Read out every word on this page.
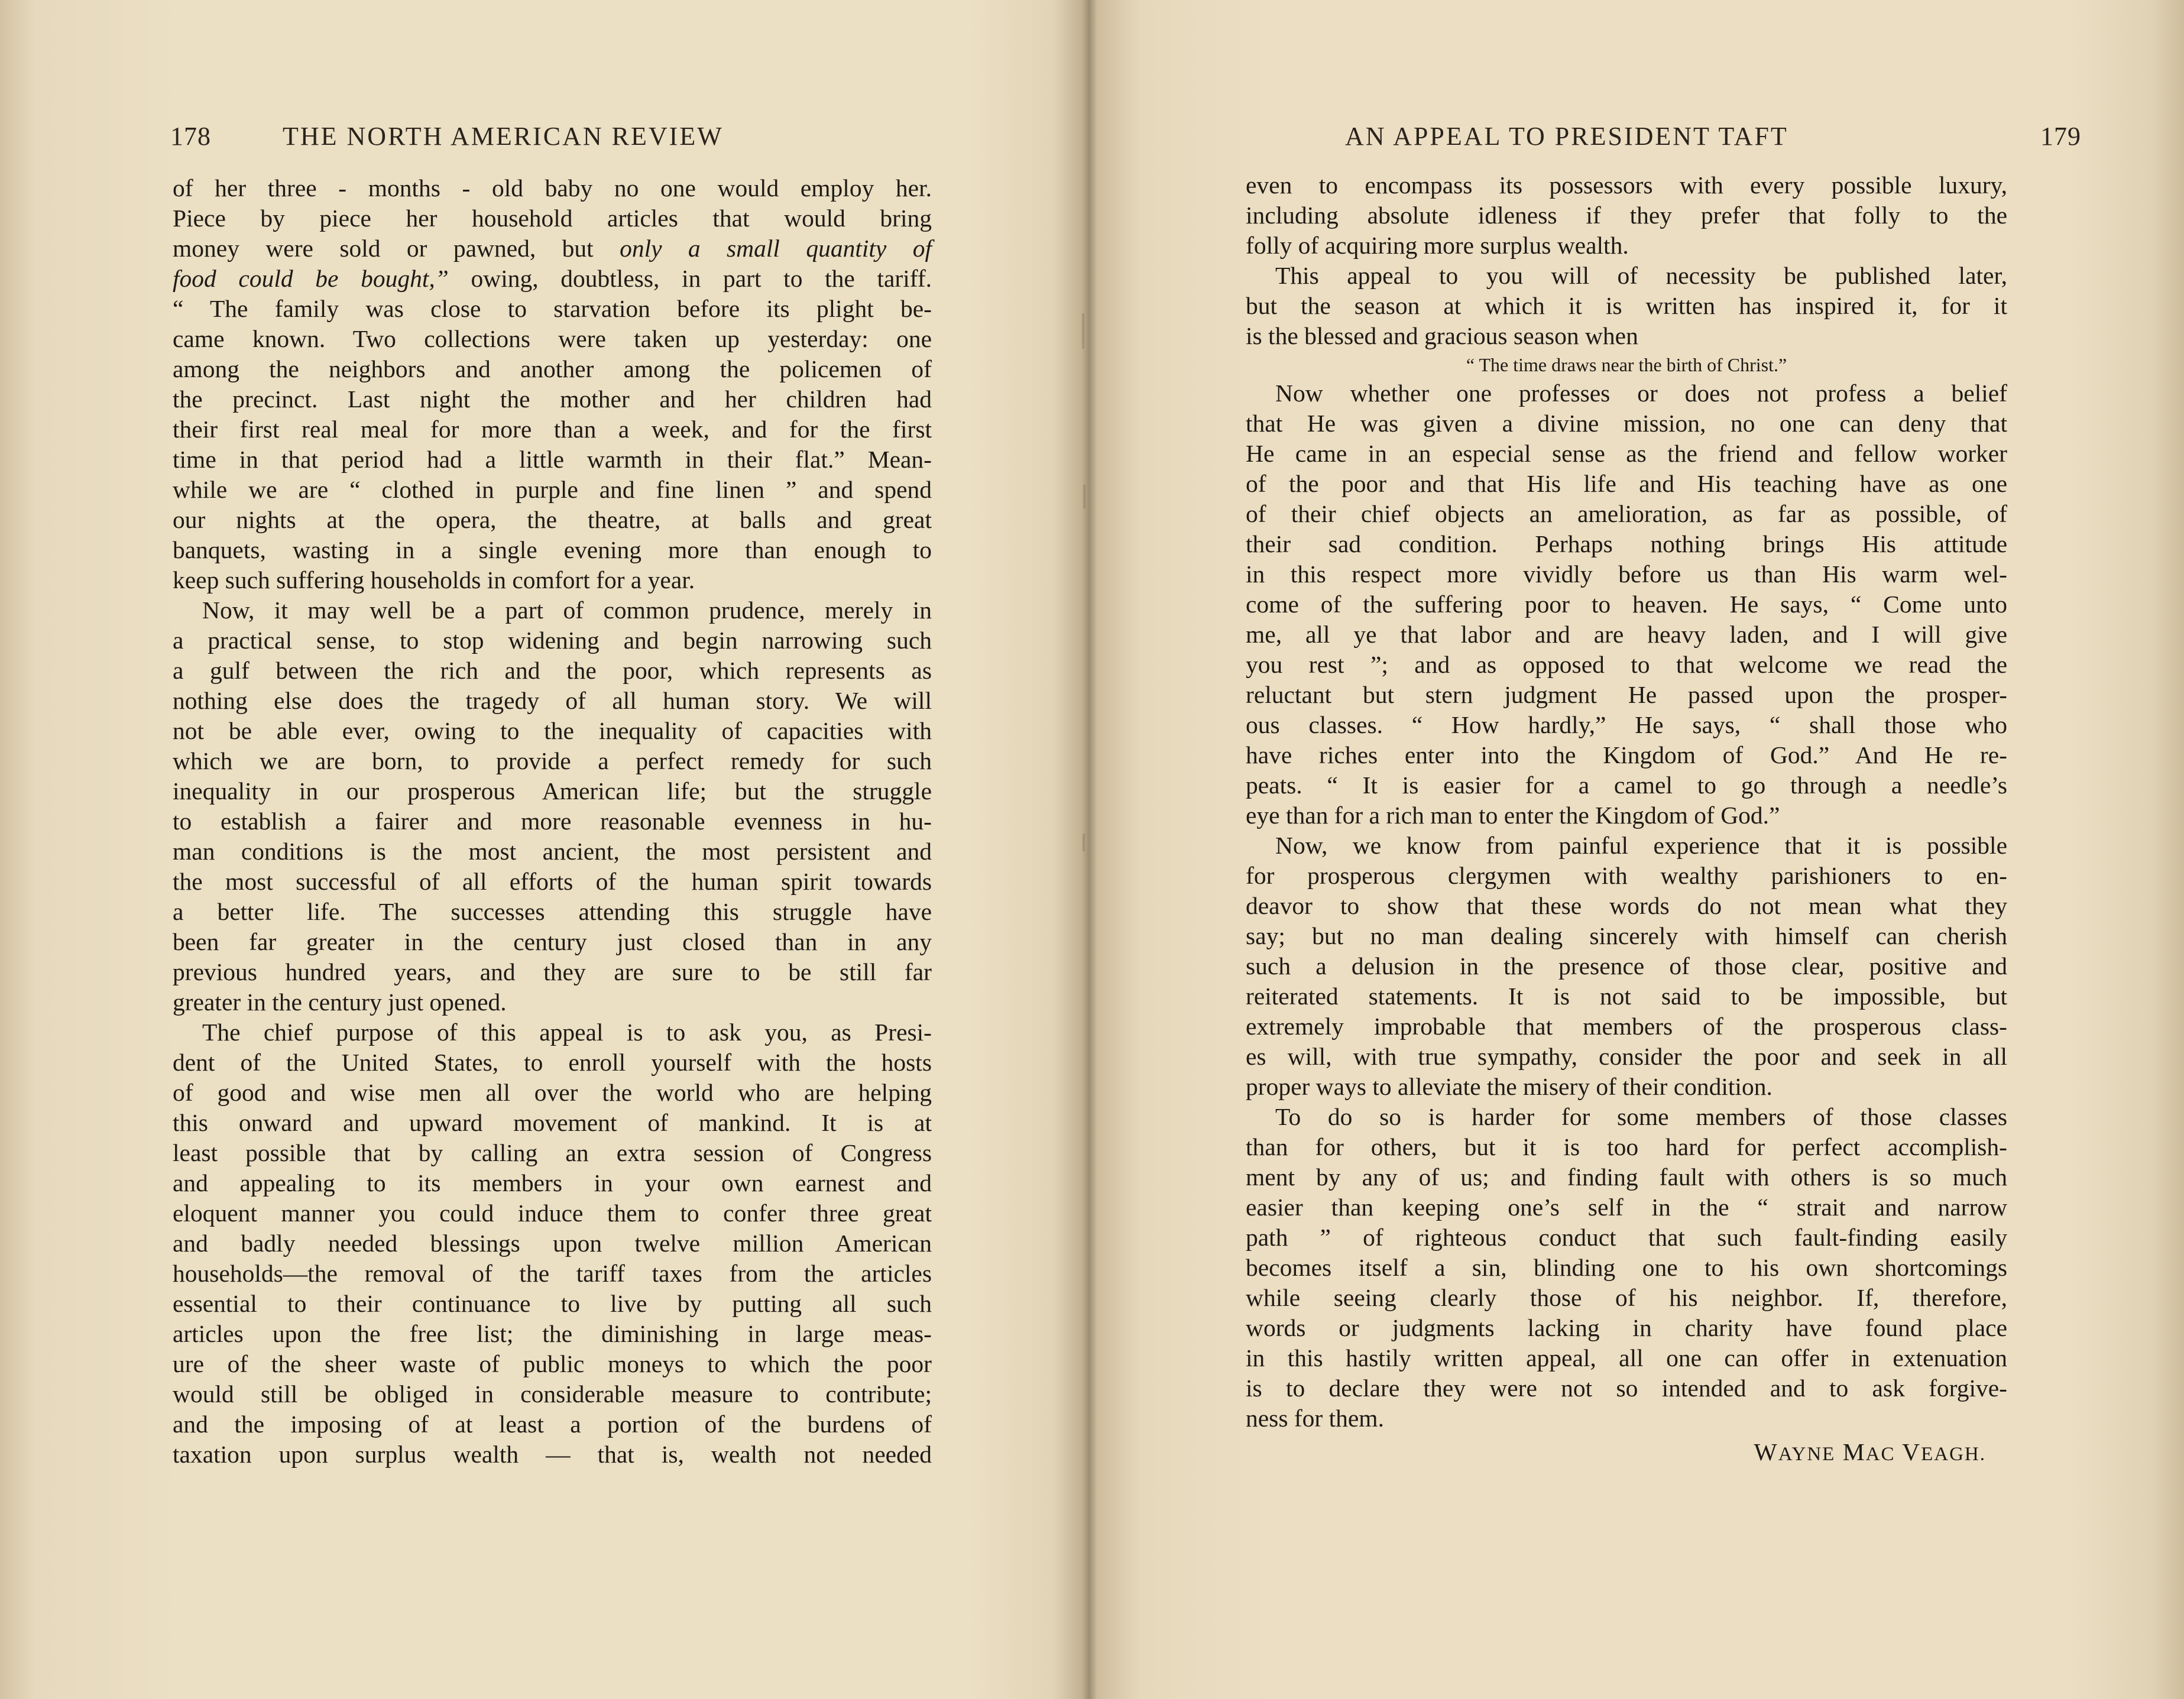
178	THE NORTH AMERICAN REVIEW
of her three - months - old baby no one would employ her.
Piece by piece her household articles that would bring
money were sold or pawned, but only a small quantity of
food could be bought,” owing, doubtless, in part to the tariff.
“ The family was close to starvation before its plight be-
came known. Two collections were taken up yesterday: one
among the neighbors and another among the policemen of
the precinct. Last night the mother and her children had
their first real meal for more than a week, and for the first
time in that period had a little warmth in their flat.” Mean-
while we are “ clothed in purple and fine linen ” and spend
our nights at the opera, the theatre, at balls and great
banquets, wasting in a single evening more than enough to
keep such suffering households in comfort for a year.
Now, it may well be a part of common prudence, merely in
a practical sense, to stop widening and begin narrowing such
a gulf between the rich and the poor, which represents as
nothing else does the tragedy of all human story. We will
not be able ever, owing to the inequality of capacities with
which we are born, to provide a perfect remedy for such
inequality in our prosperous American life; but the struggle
to establish a fairer and more reasonable evenness in hu-
man conditions is the most ancient, the most persistent and
the most successful of all efforts of the human spirit towards
a better life. The successes attending this struggle have
been far greater in the century just closed than in any
previous hundred years, and they are sure to be still far
greater in the century just opened.
The chief purpose of this appeal is to ask you, as Presi-
dent of the United States, to enroll yourself with the hosts
of good and wise men all over the world who are helping
this onward and upward movement of mankind. It is at
least possible that by calling an extra session of Congress
and appealing to its members in your own earnest and
eloquent manner you could induce them to confer three great
and badly needed blessings upon twelve million American
households—the removal of the tariff taxes from the articles
essential to their continuance to live by putting all such
articles upon the free list; the diminishing in large meas-
ure of the sheer waste of public moneys to which the poor
would still be obliged in considerable measure to contribute;
and the imposing of at least a portion of the burdens of
taxation upon surplus wealth — that is, wealth not needed
AN APPEAL TO PRESIDENT TAFT	179
even to encompass its possessors with every possible luxury,
including absolute idleness if they prefer that folly to the
folly of acquiring more surplus wealth.
This appeal to you will of necessity be published later,
but the season at which it is written has inspired it, for it
is the blessed and gracious season when
“ The time draws near the birth of Christ.”
Now whether one professes or does not profess a belief
that He was given a divine mission, no one can deny that
He came in an especial sense as the friend and fellow worker
of the poor and that His life and His teaching have as one
of their chief objects an amelioration, as far as possible, of
their sad condition. Perhaps nothing brings His attitude
in this respect more vividly before us than His warm wel-
come of the suffering poor to heaven. He says, “ Come unto
me, all ye that labor and are heavy laden, and I will give
you rest ”; and as opposed to that welcome we read the
reluctant but stern judgment He passed upon the prosper-
ous classes. “ How hardly,” He says, “ shall those who
have riches enter into the Kingdom of God.” And He re-
peats. “ It is easier for a camel to go through a needle’s
eye than for a rich man to enter the Kingdom of God.”
Now, we know from painful experience that it is possible
for prosperous clergymen with wealthy parishioners to en-
deavor to show that these words do not mean what they
say; but no man dealing sincerely with himself can cherish
such a delusion in the presence of those clear, positive and
reiterated statements. It is not said to be impossible, but
extremely improbable that members of the prosperous class-
es will, with true sympathy, consider the poor and seek in all
proper ways to alleviate the misery of their condition.
To do so is harder for some members of those classes
than for others, but it is too hard for perfect accomplish-
ment by any of us; and finding fault with others is so much
easier than keeping one’s self in the “ strait and narrow
path ” of righteous conduct that such fault-finding easily
becomes itself a sin, blinding one to his own shortcomings
while seeing clearly those of his neighbor. If, therefore,
words or judgments lacking in charity have found place
in this hastily written appeal, all one can offer in extenuation
is to declare they were not so intended and to ask forgive-
ness for them.
WAYNE MAC VEAGH.
